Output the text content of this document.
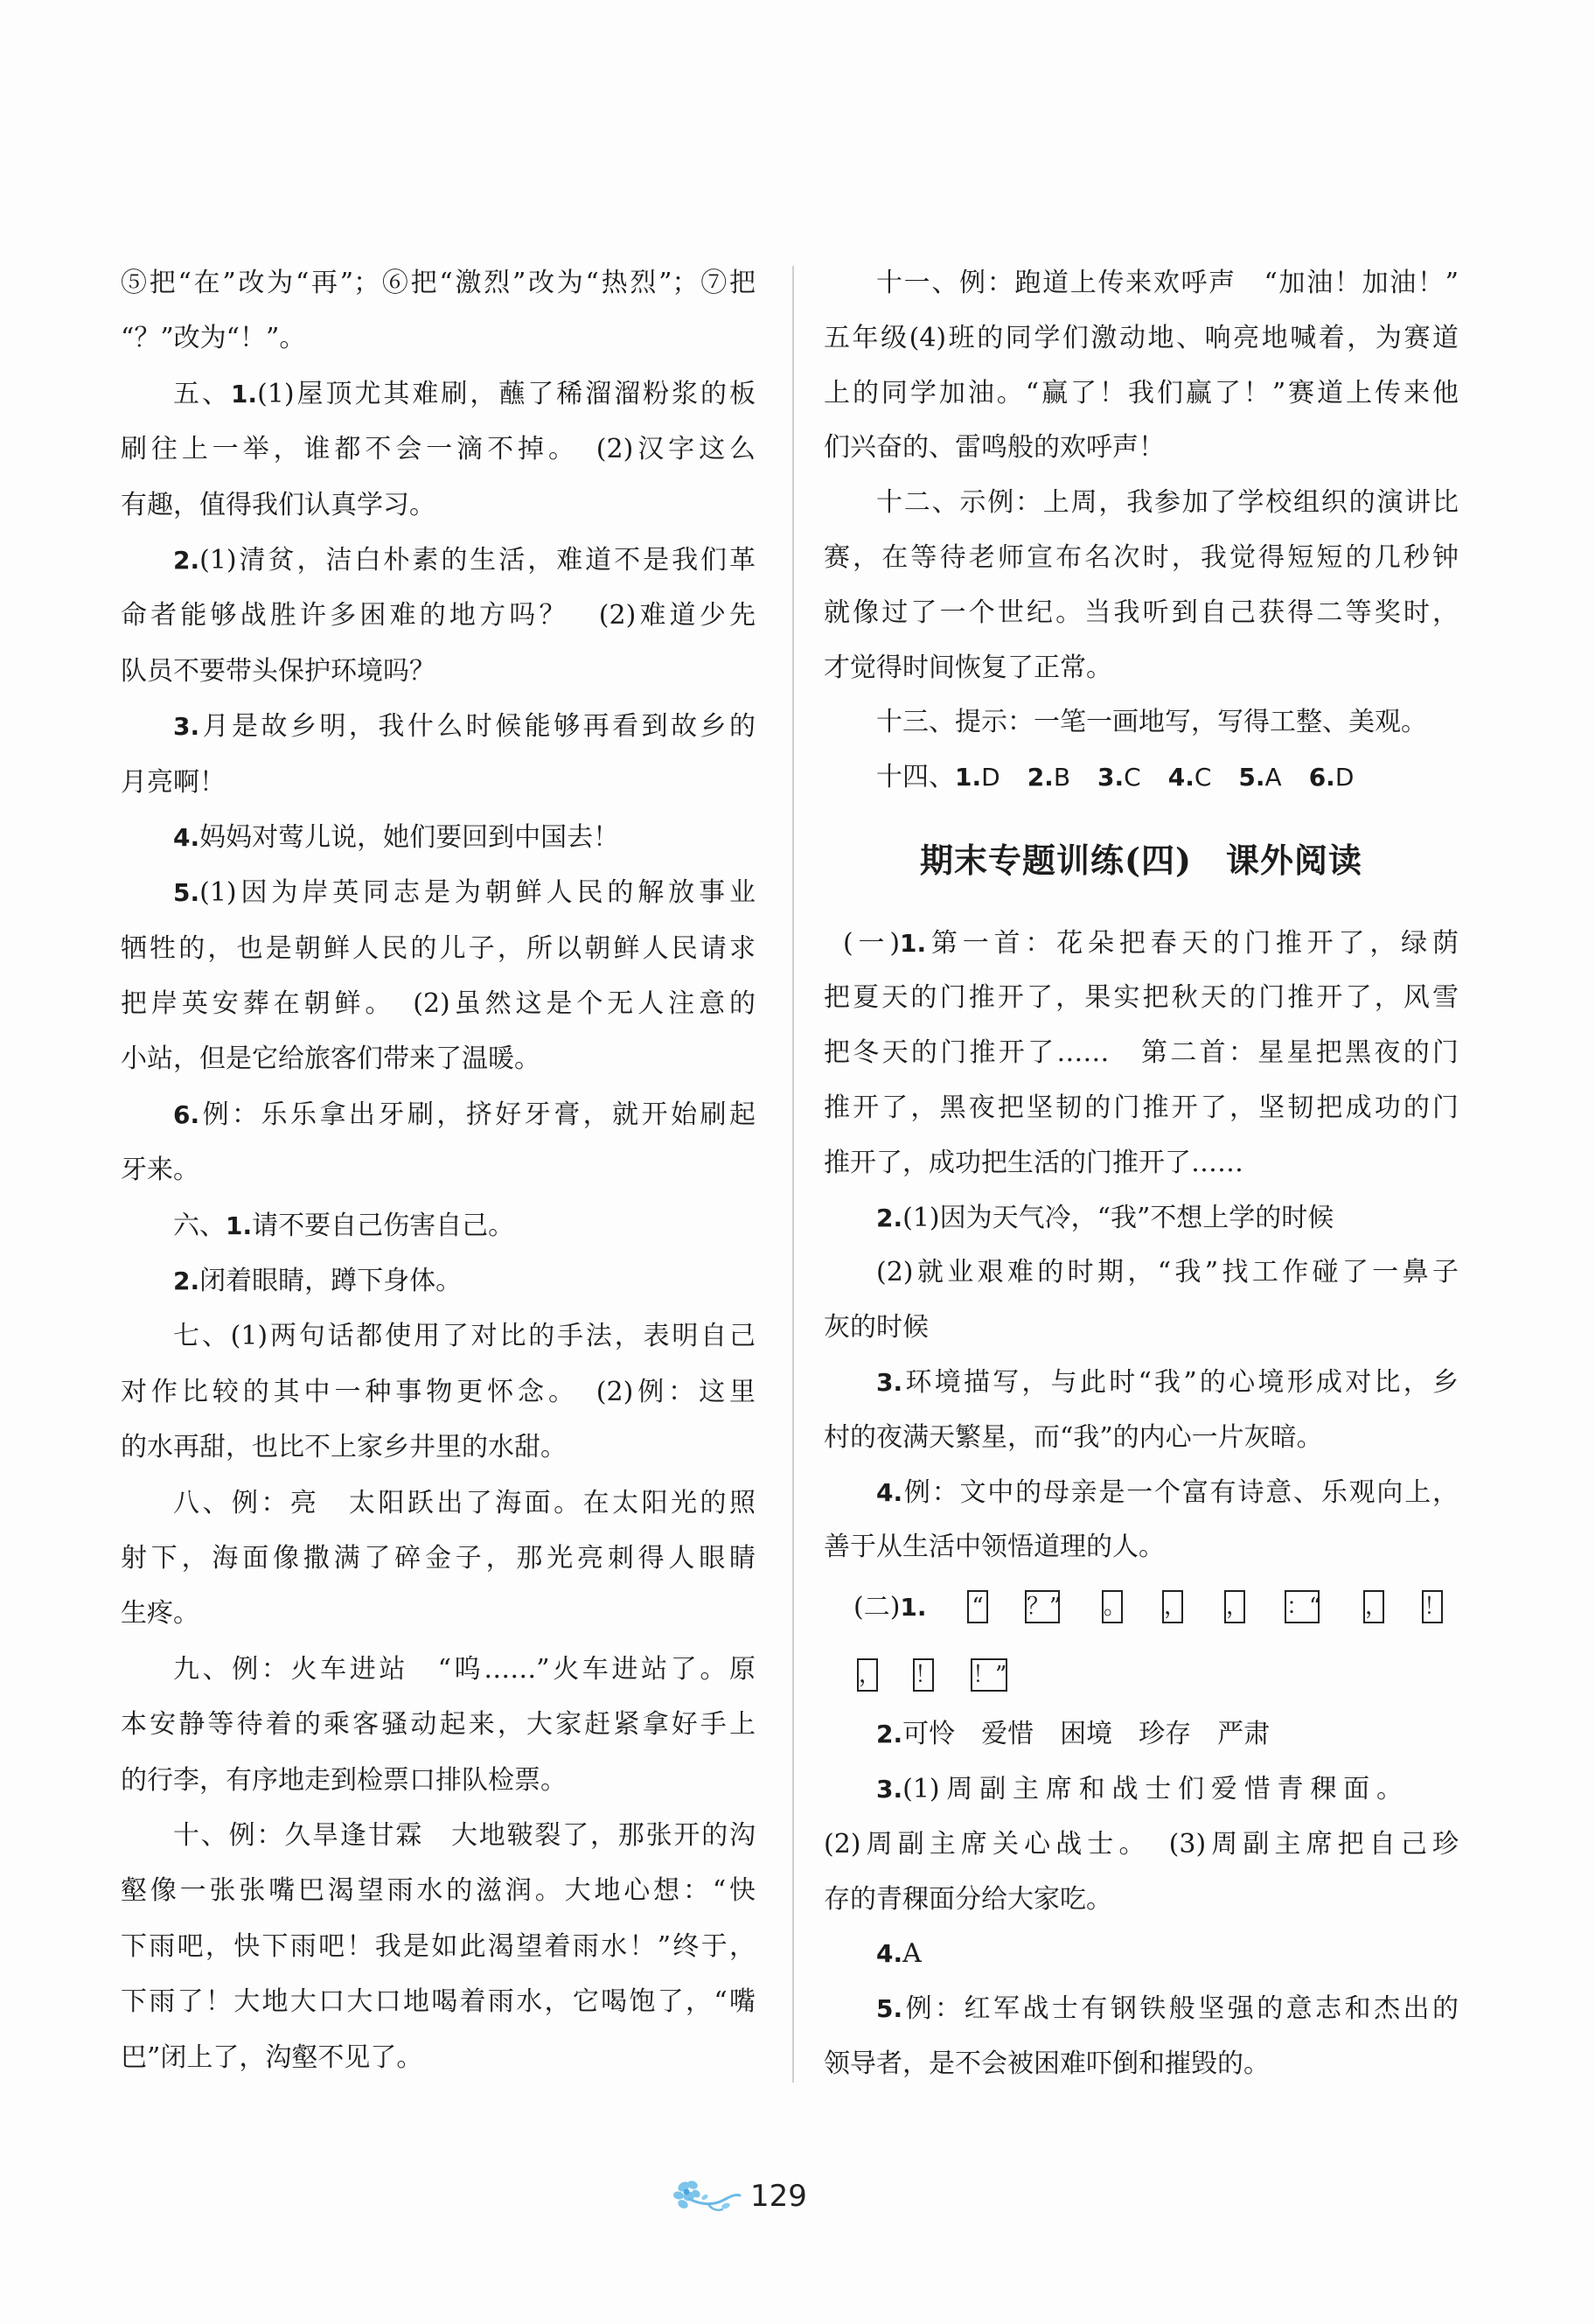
⑤把“在”改为“再”；⑥把“激烈”改为“热烈”；⑦把
“？”改为“！”。
五、1.(1)屋顶尤其难刷，蘸了稀溜溜粉浆的板
刷往上一举，谁都不会一滴不掉。　(2)汉字这么
有趣，值得我们认真学习。
2.(1)清贫，洁白朴素的生活，难道不是我们革
命者能够战胜许多困难的地方吗？　(2)难道少先
队员不要带头保护环境吗？
3.月是故乡明，我什么时候能够再看到故乡的
月亮啊！
4.妈妈对莺儿说，她们要回到中国去！
5.(1)因为岸英同志是为朝鲜人民的解放事业
牺牲的，也是朝鲜人民的儿子，所以朝鲜人民请求
把岸英安葬在朝鲜。　(2)虽然这是个无人注意的
小站，但是它给旅客们带来了温暖。
6.例：乐乐拿出牙刷，挤好牙膏，就开始刷起
牙来。
六、1.请不要自己伤害自己。
2.闭着眼睛，蹲下身体。
七、(1)两句话都使用了对比的手法，表明自己
对作比较的其中一种事物更怀念。　(2)例：这里
的水再甜，也比不上家乡井里的水甜。
八、例：亮　太阳跃出了海面。在太阳光的照
射下，海面像撒满了碎金子，那光亮刺得人眼睛
生疼。
九、例：火车进站　“呜……”火车进站了。原
本安静等待着的乘客骚动起来，大家赶紧拿好手上
的行李，有序地走到检票口排队检票。
十、例：久旱逢甘霖　大地皲裂了，那张开的沟
壑像一张张嘴巴渴望雨水的滋润。大地心想：“快
下雨吧，快下雨吧！我是如此渴望着雨水！”终于，
下雨了！大地大口大口地喝着雨水，它喝饱了，“嘴
巴”闭上了，沟壑不见了。
十一、例：跑道上传来欢呼声　“加油！加油！”
五年级(4)班的同学们激动地、响亮地喊着，为赛道
上的同学加油。“赢了！我们赢了！”赛道上传来他
们兴奋的、雷鸣般的欢呼声！
十二、示例：上周，我参加了学校组织的演讲比
赛，在等待老师宣布名次时，我觉得短短的几秒钟
就像过了一个世纪。当我听到自己获得二等奖时，
才觉得时间恢复了正常。
十三、提示：一笔一画地写，写得工整、美观。
十四、1.D 2.B 3.C 4.C 5.A 6.D
期末专题训练(四)　课外阅读
(一)1.第一首：花朵把春天的门推开了，绿荫
把夏天的门推开了，果实把秋天的门推开了，风雪
把冬天的门推开了……　第二首：星星把黑夜的门
推开了，黑夜把坚韧的门推开了，坚韧把成功的门
推开了，成功把生活的门推开了……
2.(1)因为天气冷，“我”不想上学的时候
(2)就业艰难的时期，“我”找工作碰了一鼻子
灰的时候
3.环境描写，与此时“我”的心境形成对比，乡
村的夜满天繁星，而“我”的内心一片灰暗。
4.例：文中的母亲是一个富有诗意、乐观向上，
善于从生活中领悟道理的人。
(二)1. “ ？” 。 ， ， ：“ ， ！
， ！ ！”
2.可怜　爱惜　困境　珍存　严肃
3.(1)周副主席和战士们爱惜青稞面。
(2)周副主席关心战士。　(3)周副主席把自己珍
存的青稞面分给大家吃。
4.A
5.例：红军战士有钢铁般坚强的意志和杰出的
领导者，是不会被困难吓倒和摧毁的。
129
